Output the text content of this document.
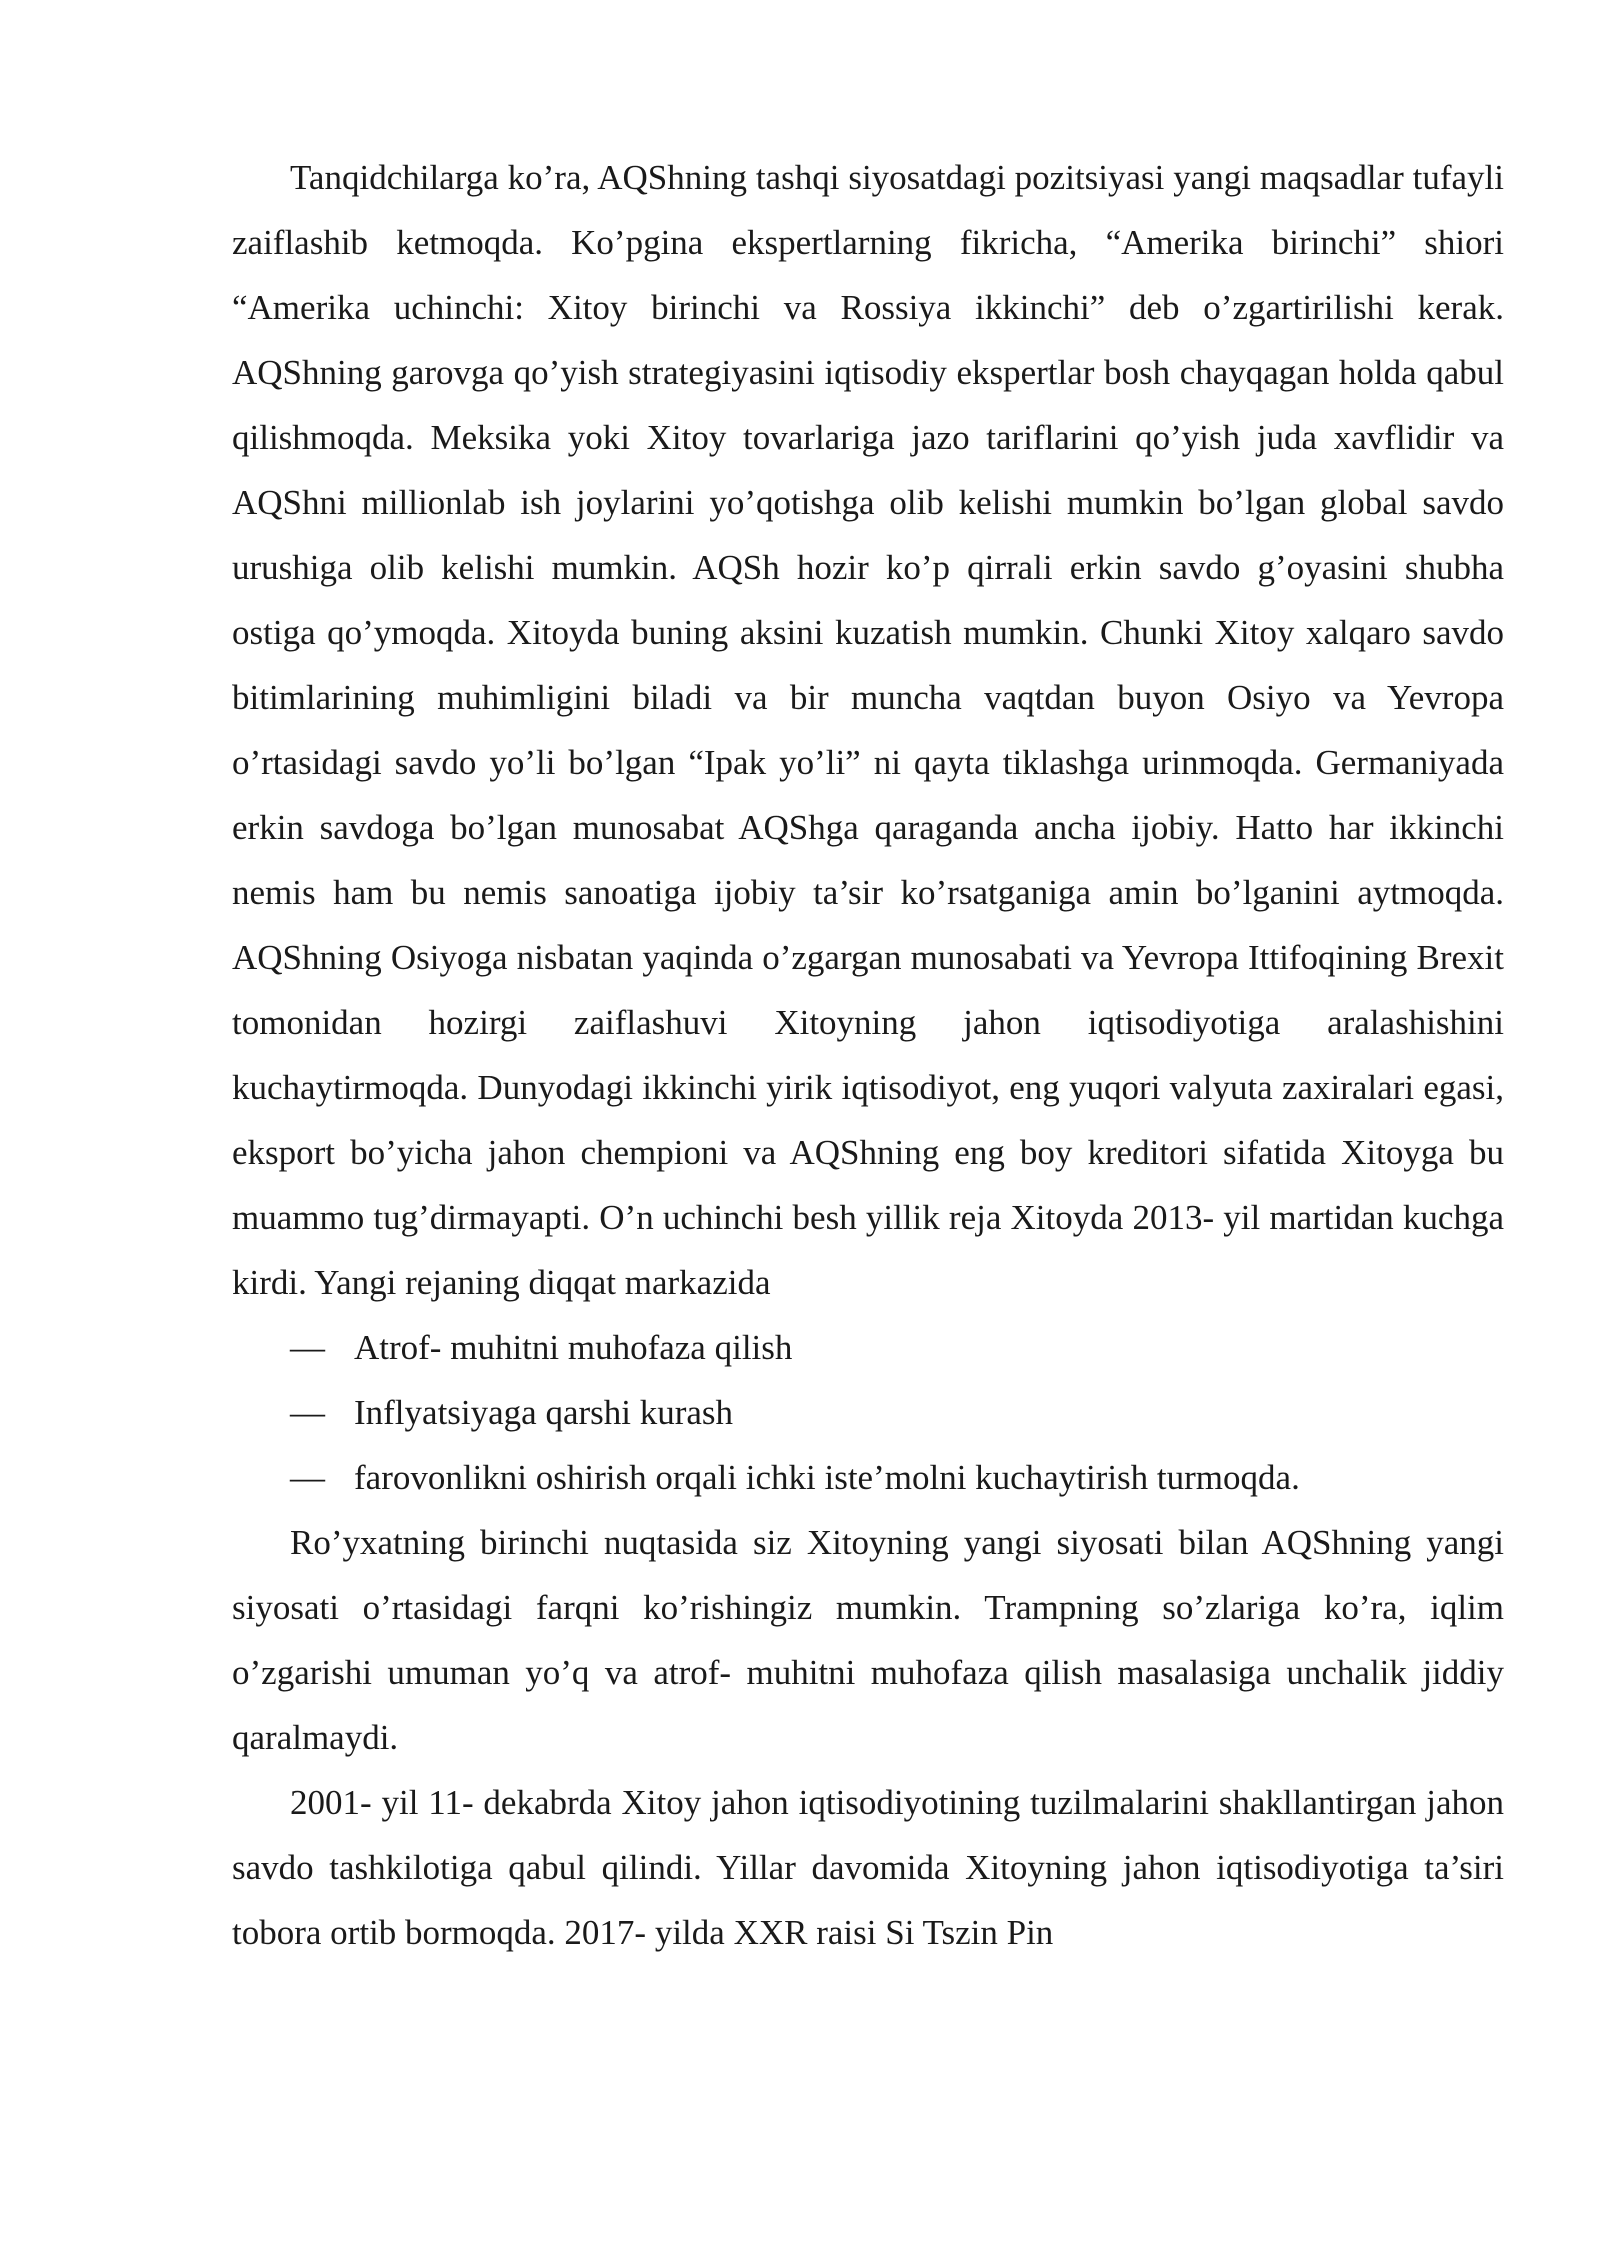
Tanqidchilarga ko’ra, AQShning tashqi siyosatdagi pozitsiyasi yangi maqsadlar tufayli zaiflashib ketmoqda. Ko’pgina ekspertlarning fikricha, “Amerika birinchi” shiori “Amerika uchinchi: Xitoy birinchi va Rossiya ikkinchi” deb o’zgartirilishi kerak. AQShning garovga qo’yish strategiyasini iqtisodiy ekspertlar bosh chayqagan holda qabul qilishmoqda. Meksika yoki Xitoy tovarlariga jazo tariflarini qo’yish juda xavflidir va AQShni millionlab ish joylarini yo’qotishga olib kelishi mumkin bo’lgan global savdo urushiga olib kelishi mumkin. AQSh hozir ko’p qirrali erkin savdo g’oyasini shubha ostiga qo’ymoqda. Xitoyda buning aksini kuzatish mumkin. Chunki Xitoy xalqaro savdo bitimlarining muhimligini biladi va bir muncha vaqtdan buyon Osiyo va Yevropa o’rtasidagi savdo yo’li bo’lgan “Ipak yo’li” ni qayta tiklashga urinmoqda. Germaniyada erkin savdoga bo’lgan munosabat AQShga qaraganda ancha ijobiy. Hatto har ikkinchi nemis ham bu nemis sanoatiga ijobiy ta’sir ko’rsatganiga amin bo’lganini aytmoqda. AQShning Osiyoga nisbatan yaqinda o’zgargan munosabati va Yevropa Ittifoqining Brexit tomonidan hozirgi zaiflashuvi Xitoyning jahon iqtisodiyotiga aralashishini kuchaytirmoqda. Dunyodagi ikkinchi yirik iqtisodiyot, eng yuqori valyuta zaxiralari egasi, eksport bo’yicha jahon chempioni va AQShning eng boy kreditori sifatida Xitoyga bu muammo tug’dirmayapti. O’n uchinchi besh yillik reja Xitoyda 2013- yil martidan kuchga kirdi. Yangi rejaning diqqat markazida

— Atrof- muhitni muhofaza qilish
— Inflyatsiyaga qarshi kurash
— farovonlikni oshirish orqali ichki iste’molni kuchaytirish turmoqda.

Ro’yxatning birinchi nuqtasida siz Xitoyning yangi siyosati bilan AQShning yangi siyosati o’rtasidagi farqni ko’rishingiz mumkin. Trampning so’zlariga ko’ra, iqlim o’zgarishi umuman yo’q va atrof- muhitni muhofaza qilish masalasiga unchalik jiddiy qaralmaydi.

2001- yil 11- dekabrda Xitoy jahon iqtisodiyotining tuzilmalarini shakllantirgan jahon savdo tashkilotiga qabul qilindi. Yillar davomida Xitoyning jahon iqtisodiyotiga ta’siri tobora ortib bormoqda. 2017- yilda XXR raisi Si Tszin Pin
